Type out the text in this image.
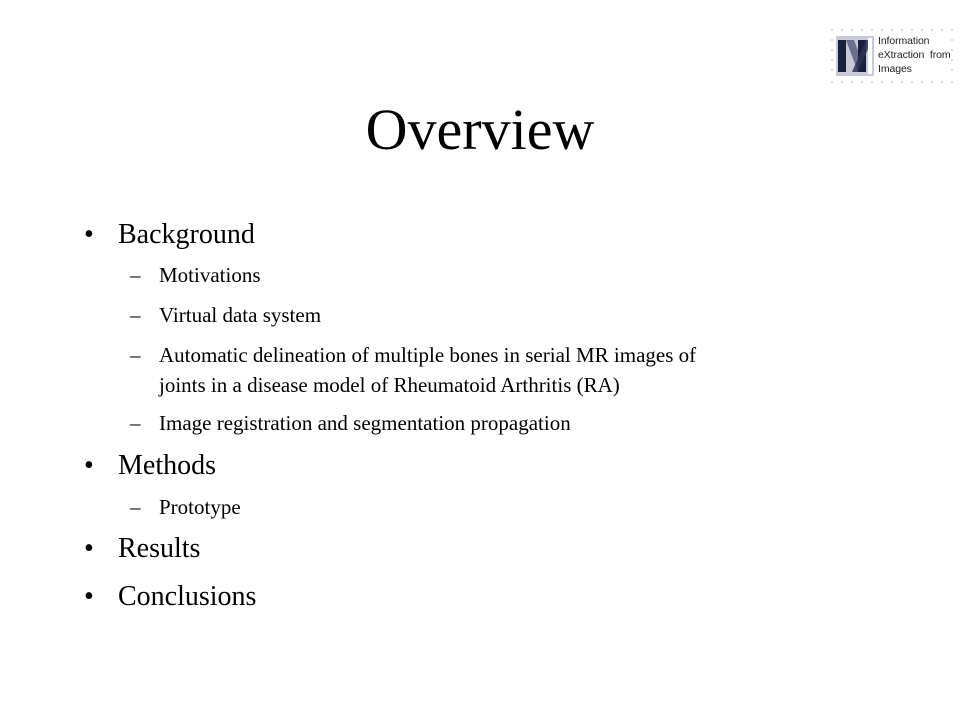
Information
eXtraction  from
Images
Overview
• Background
– Motivations
– Virtual data system
– Automatic delineation of multiple bones in serial MR images of
joints in a disease model of Rheumatoid Arthritis (RA)
– Image registration and segmentation propagation
• Methods
– Prototype
• Results
• Conclusions
